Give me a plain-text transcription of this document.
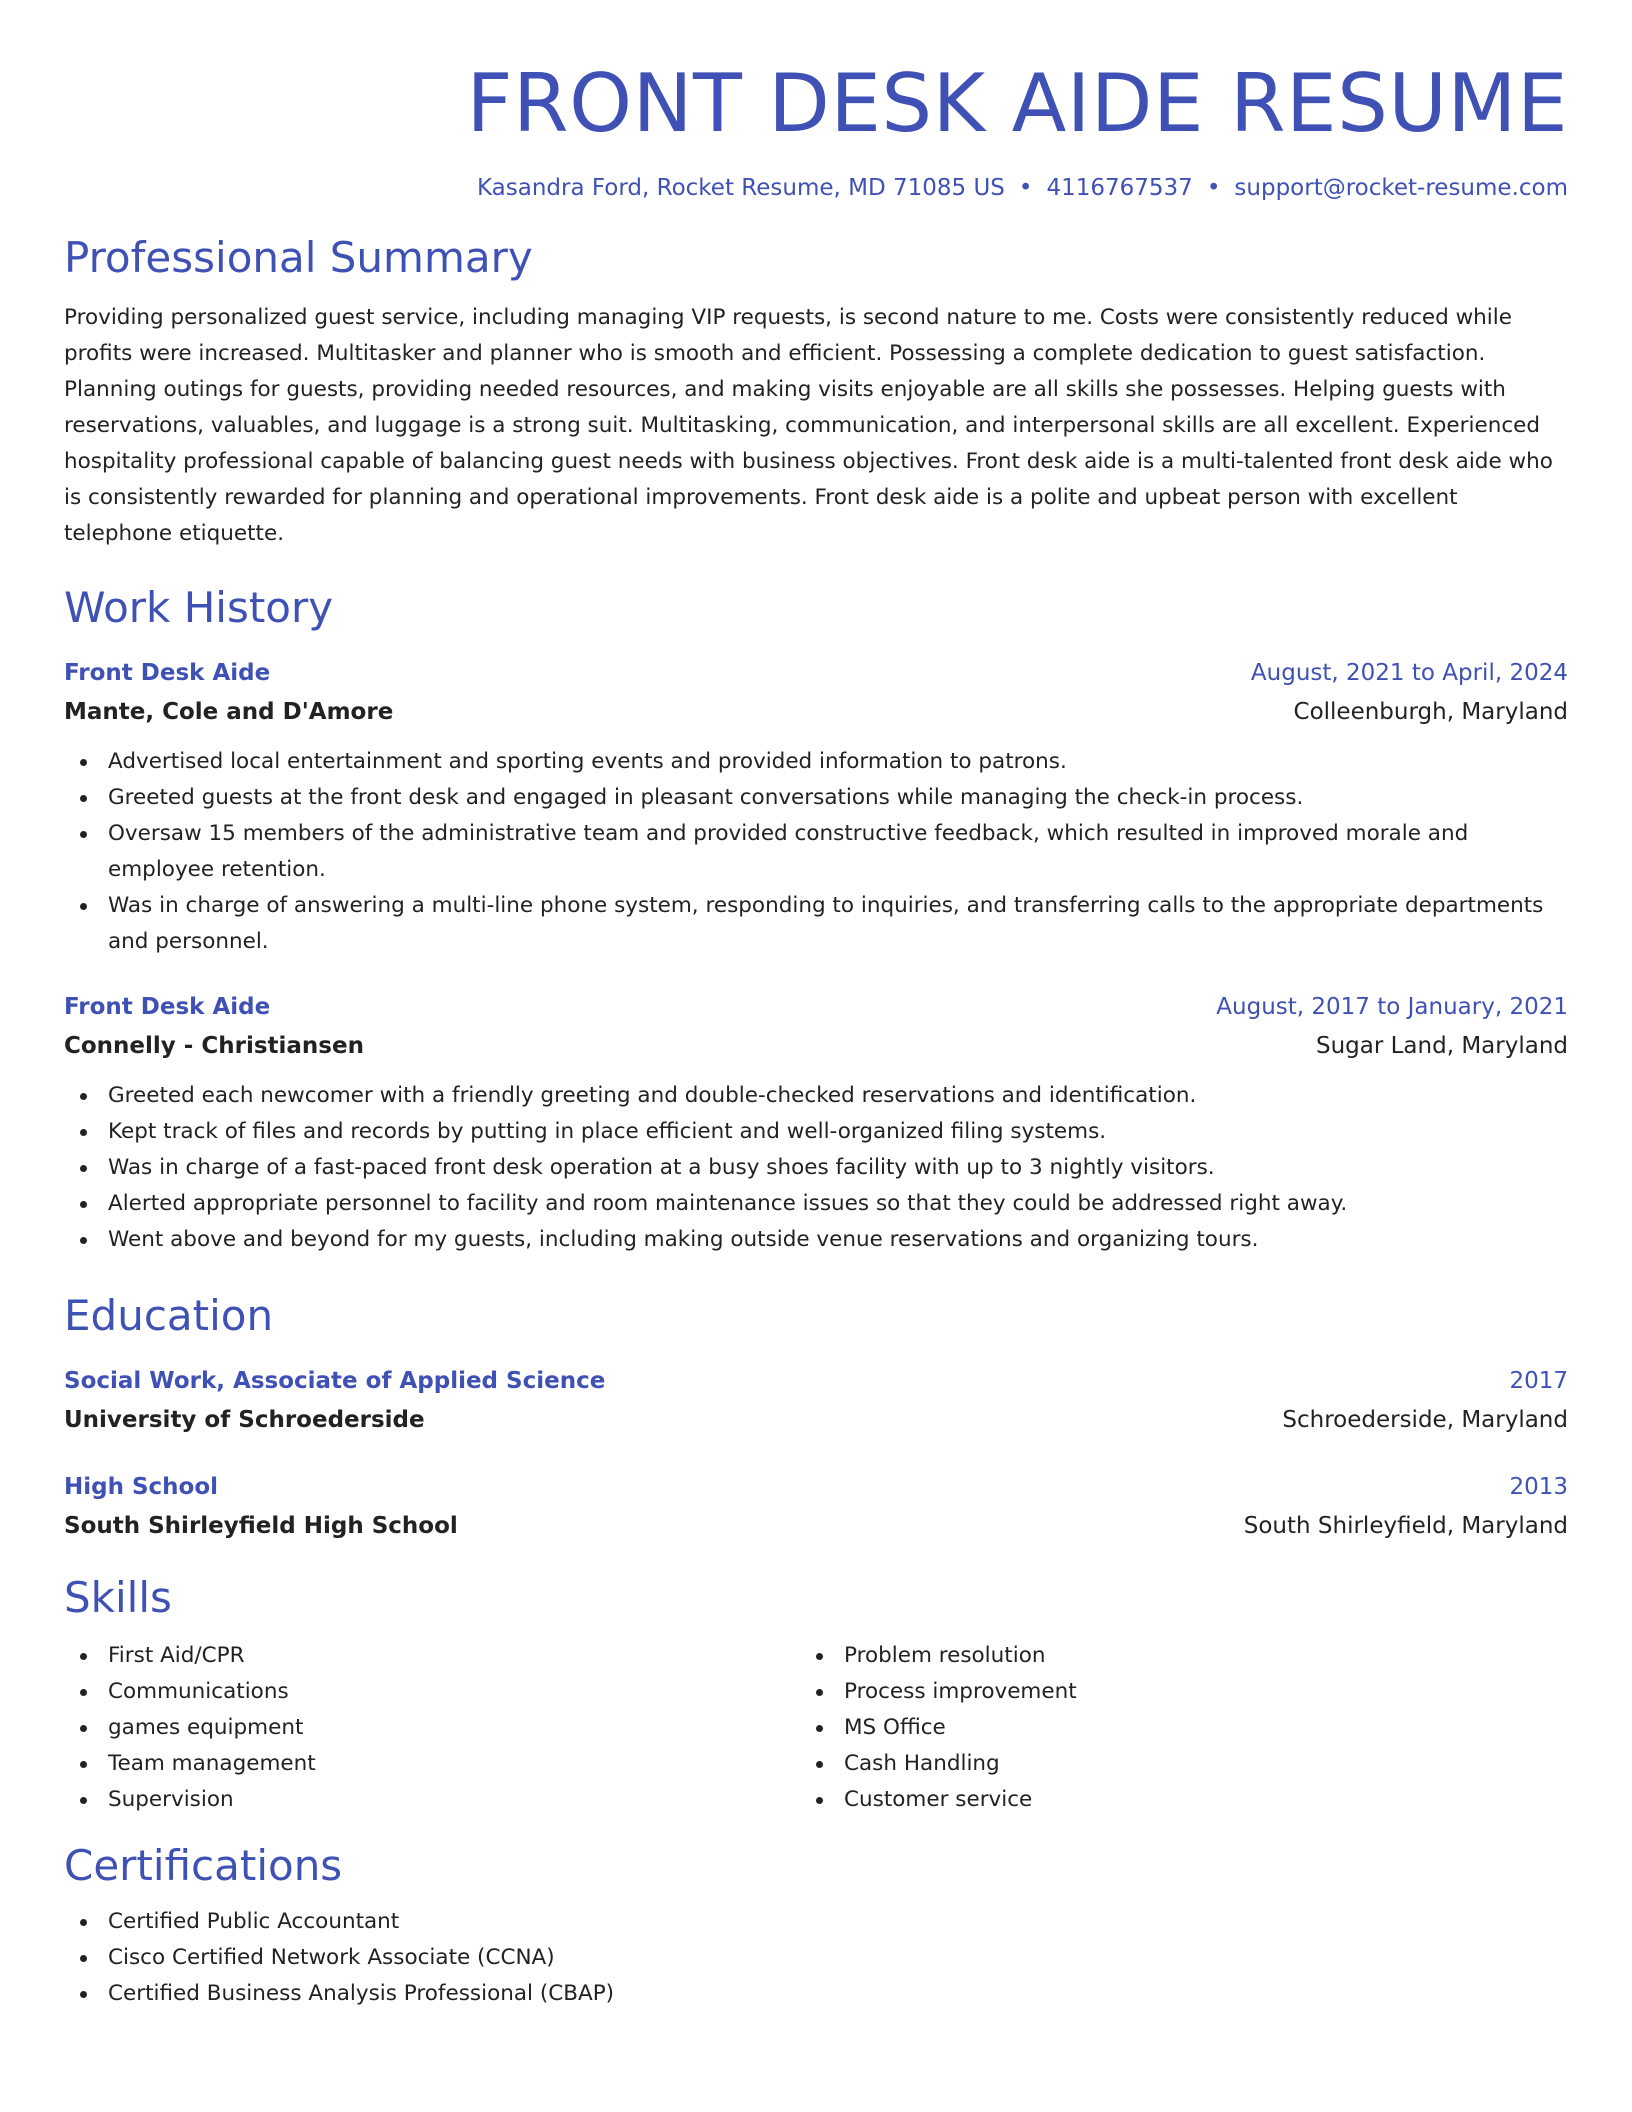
FRONT DESK AIDE RESUME
Kasandra Ford, Rocket Resume, MD 71085 US • 4116767537 • support@rocket-resume.com
Professional Summary

Providing personalized guest service, including managing VIP requests, is second nature to me. Costs were consistently reduced while profits were increased. Multitasker and planner who is smooth and efficient. Possessing a complete dedication to guest satisfaction. Planning outings for guests, providing needed resources, and making visits enjoyable are all skills she possesses. Helping guests with reservations, valuables, and luggage is a strong suit. Multitasking, communication, and interpersonal skills are all excellent. Experienced hospitality professional capable of balancing guest needs with business objectives. Front desk aide is a multi-talented front desk aide who is consistently rewarded for planning and operational improvements. Front desk aide is a polite and upbeat person with excellent telephone etiquette.

Work History
Front Desk Aide	August, 2021 to April, 2024
Mante, Cole and D'Amore	Colleenburgh, Maryland
Advertised local entertainment and sporting events and provided information to patrons.
Greeted guests at the front desk and engaged in pleasant conversations while managing the check-in process.
Oversaw 15 members of the administrative team and provided constructive feedback, which resulted in improved morale and employee retention.
Was in charge of answering a multi-line phone system, responding to inquiries, and transferring calls to the appropriate departments and personnel.
Front Desk Aide	August, 2017 to January, 2021
Connelly - Christiansen	Sugar Land, Maryland
Greeted each newcomer with a friendly greeting and double-checked reservations and identification.
Kept track of files and records by putting in place efficient and well-organized filing systems.
Was in charge of a fast-paced front desk operation at a busy shoes facility with up to 3 nightly visitors.
Alerted appropriate personnel to facility and room maintenance issues so that they could be addressed right away.
Went above and beyond for my guests, including making outside venue reservations and organizing tours.
Education
Social Work, Associate of Applied Science	2017
University of Schroederside	Schroederside, Maryland
High School	2013
South Shirleyfield High School	South Shirleyfield, Maryland
Skills
First Aid/CPR
Communications
games equipment
Team management
Supervision
Problem resolution
Process improvement
MS Office
Cash Handling
Customer service
Certifications
Certified Public Accountant
Cisco Certified Network Associate (CCNA)
Certified Business Analysis Professional (CBAP)
